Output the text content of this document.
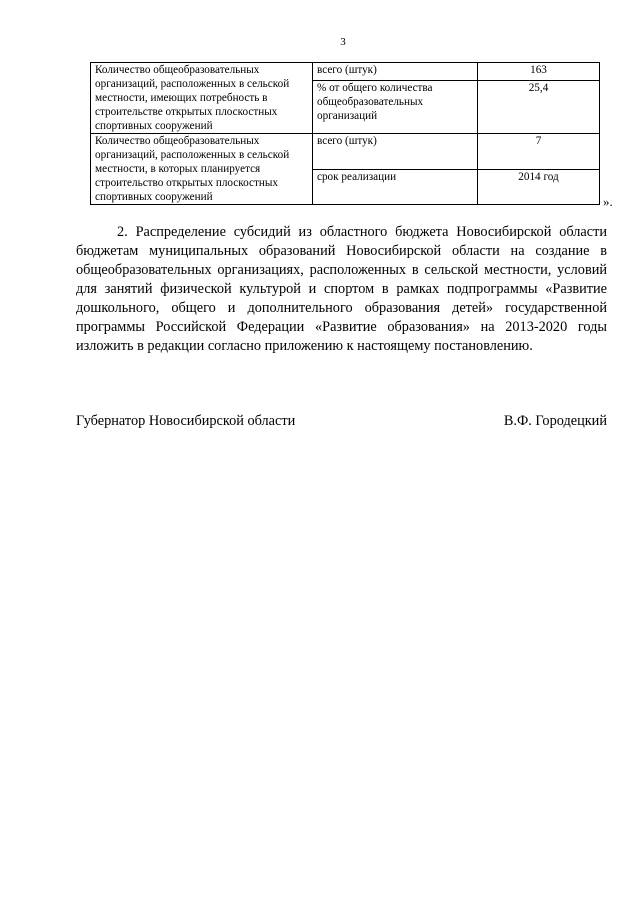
3
Количество общеобразовательных организаций, расположенных в сельской местности, имеющих потребность в строительстве открытых плоскостных спортивных сооружений	всего (штук)	163
	% от общего количества общеобразовательных организаций	25,4
Количество общеобразовательных организаций, расположенных в сельской местности, в которых планируется строительство открытых плоскостных спортивных сооружений	всего (штук)	7
	срок реализации	2014 год
».

2. Распределение субсидий из областного бюджета Новосибирской области бюджетам муниципальных образований Новосибирской области на создание в общеобразовательных организациях, расположенных в сельской местности, условий для занятий физической культурой и спортом в рамках подпрограммы «Развитие дошкольного, общего и дополнительного образования детей» государственной программы Российской Федерации «Развитие образования» на 2013-2020 годы изложить в редакции согласно приложению к настоящему постановлению.

Губернатор Новосибирской области	В.Ф. Городецкий
